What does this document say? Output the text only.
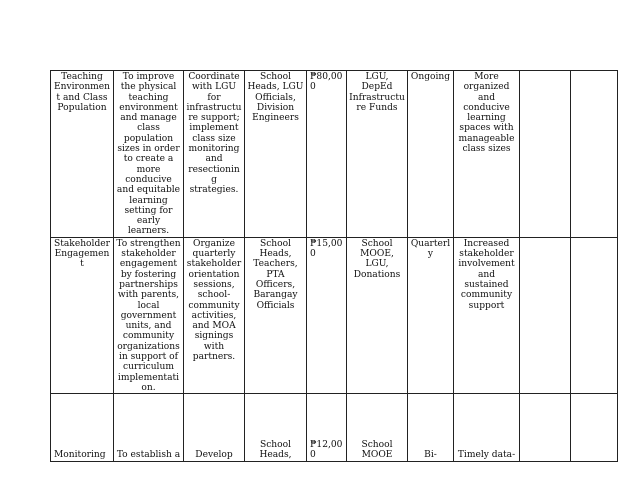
Teaching Environment and Class Population	To improve the physical teaching environment and manage class population sizes in order to create a more conducive and equitable learning setting for early learners.	Coordinate with LGU for infrastructure support; implement class size monitoring and resectioning strategies.	School Heads, LGU Officials, Division Engineers	₱80,000	LGU, DepEd Infrastructure Funds	Ongoing	More organized and conducive learning spaces with manageable class sizes		
Stakeholder Engagement	To strengthen stakeholder engagement by fostering partnerships with parents, local government units, and community organizations in support of curriculum implementation.	Organize quarterly stakeholder orientation sessions, school-community activities, and MOA signings with partners.	School Heads, Teachers, PTA Officers, Barangay Officials	₱15,000	School MOOE, LGU, Donations	Quarterly	Increased stakeholder involvement and sustained community support		
Monitoring	To establish a	Develop	School Heads,	₱12,000	School MOOE	Bi-	Timely data-		
